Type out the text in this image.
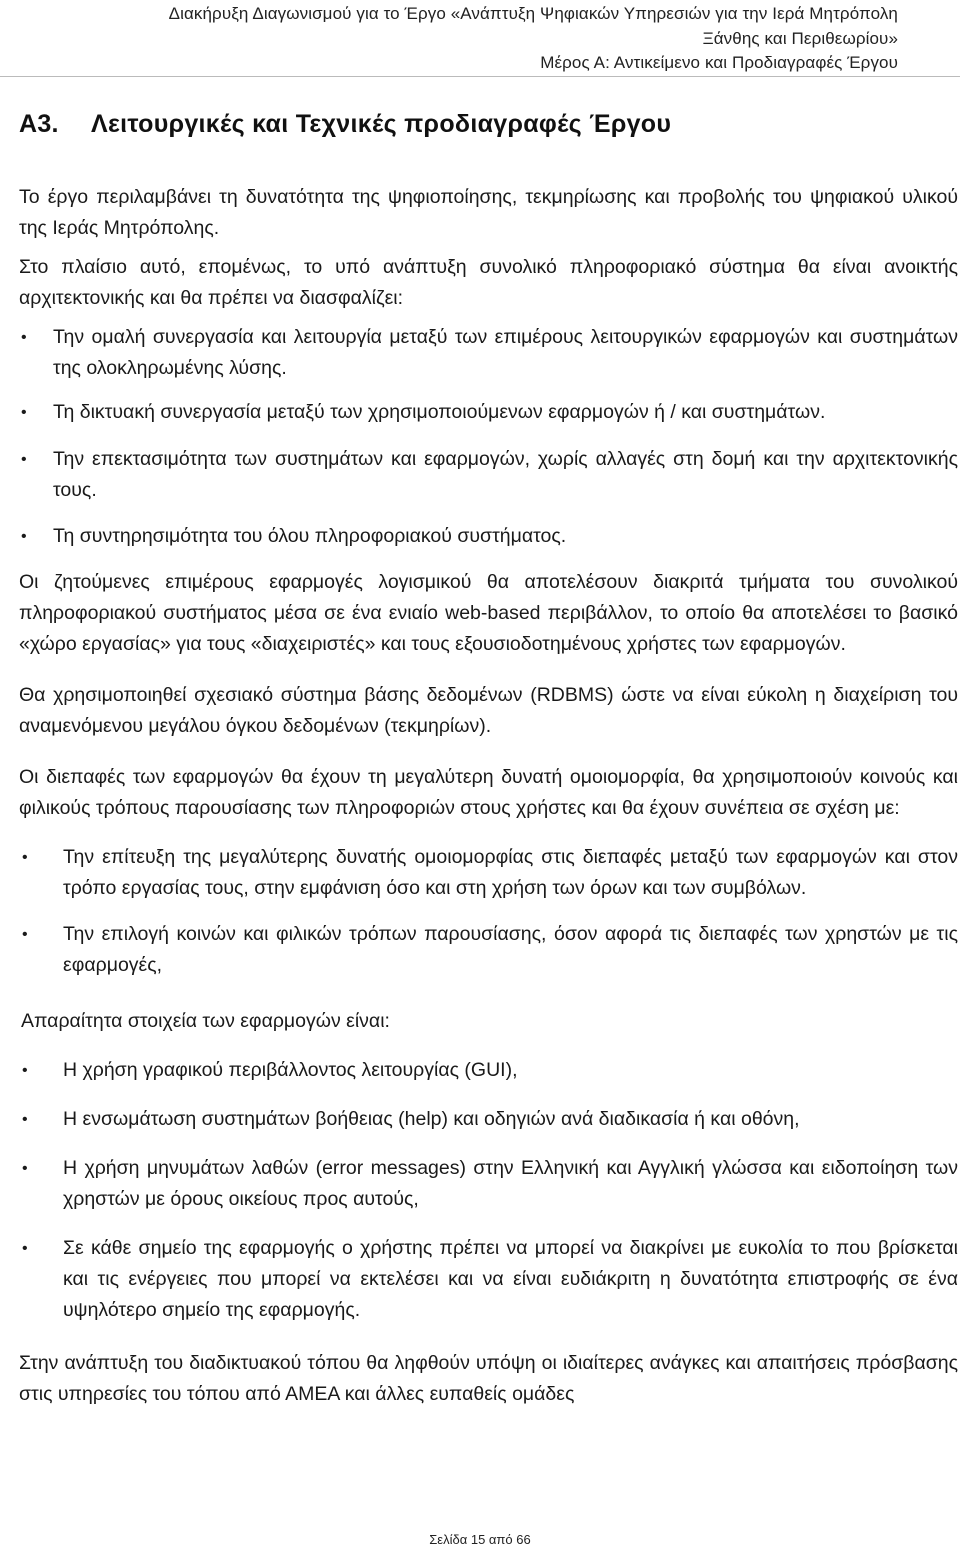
Διακήρυξη Διαγωνισμού για το Έργο «Ανάπτυξη Ψηφιακών Υπηρεσιών για την Ιερά Μητρόπολη
Ξάνθης και Περιθεωρίου»
Μέρος Α: Αντικείμενο και Προδιαγραφές Έργου
Α3. Λειτουργικές και Τεχνικές προδιαγραφές Έργου

Το έργο περιλαμβάνει τη δυνατότητα της ψηφιοποίησης, τεκμηρίωσης και προβολής του ψηφιακού υλικού της Ιεράς Μητρόπολης.

Στο πλαίσιο αυτό, επομένως, το υπό ανάπτυξη συνολικό πληροφοριακό σύστημα θα είναι ανοικτής αρχιτεκτονικής και θα πρέπει να διασφαλίζει:

• Την ομαλή συνεργασία και λειτουργία μεταξύ των επιμέρους λειτουργικών εφαρμογών και συστημάτων της ολοκληρωμένης λύσης.
• Τη δικτυακή συνεργασία μεταξύ των χρησιμοποιούμενων εφαρμογών ή / και συστημάτων.
• Την επεκτασιμότητα των συστημάτων και εφαρμογών, χωρίς αλλαγές στη δομή και την αρχιτεκτονικής τους.
• Τη συντηρησιμότητα του όλου πληροφοριακού συστήματος.

Οι ζητούμενες επιμέρους εφαρμογές λογισμικού θα αποτελέσουν διακριτά τμήματα του συνολικού πληροφοριακού συστήματος μέσα σε ένα ενιαίο web-based περιβάλλον, το οποίο θα αποτελέσει το βασικό «χώρο εργασίας» για τους «διαχειριστές» και τους εξουσιοδοτημένους χρήστες των εφαρμογών.

Θα χρησιμοποιηθεί σχεσιακό σύστημα βάσης δεδομένων (RDBMS) ώστε να είναι εύκολη η διαχείριση του αναμενόμενου μεγάλου όγκου δεδομένων (τεκμηρίων).

Οι διεπαφές των εφαρμογών θα έχουν τη μεγαλύτερη δυνατή ομοιομορφία, θα χρησιμοποιούν κοινούς και φιλικούς τρόπους παρουσίασης των πληροφοριών στους χρήστες και θα έχουν συνέπεια σε σχέση με:

• Την επίτευξη της μεγαλύτερης δυνατής ομοιομορφίας στις διεπαφές μεταξύ των εφαρμογών και στον τρόπο εργασίας τους, στην εμφάνιση όσο και στη χρήση των όρων και των συμβόλων.
• Την επιλογή κοινών και φιλικών τρόπων παρουσίασης, όσον αφορά τις διεπαφές των χρηστών με τις εφαρμογές,

Απαραίτητα στοιχεία των εφαρμογών είναι:

• Η χρήση γραφικού περιβάλλοντος λειτουργίας (GUI),
• Η ενσωμάτωση συστημάτων βοήθειας (help) και οδηγιών ανά διαδικασία ή και οθόνη,
• Η χρήση μηνυμάτων λαθών (error messages) στην Ελληνική και Αγγλική γλώσσα και ειδοποίηση των χρηστών με όρους οικείους προς αυτούς,
• Σε κάθε σημείο της εφαρμογής ο χρήστης πρέπει να μπορεί να διακρίνει με ευκολία το που βρίσκεται και τις ενέργειες που μπορεί να εκτελέσει και να είναι ευδιάκριτη η δυνατότητα επιστροφής σε ένα υψηλότερο σημείο της εφαρμογής.

Στην ανάπτυξη του διαδικτυακού τόπου θα ληφθούν υπόψη οι ιδιαίτερες ανάγκες και απαιτήσεις πρόσβασης στις υπηρεσίες του τόπου από ΑΜΕΑ και άλλες ευπαθείς ομάδες

Σελίδα 15 από 66
